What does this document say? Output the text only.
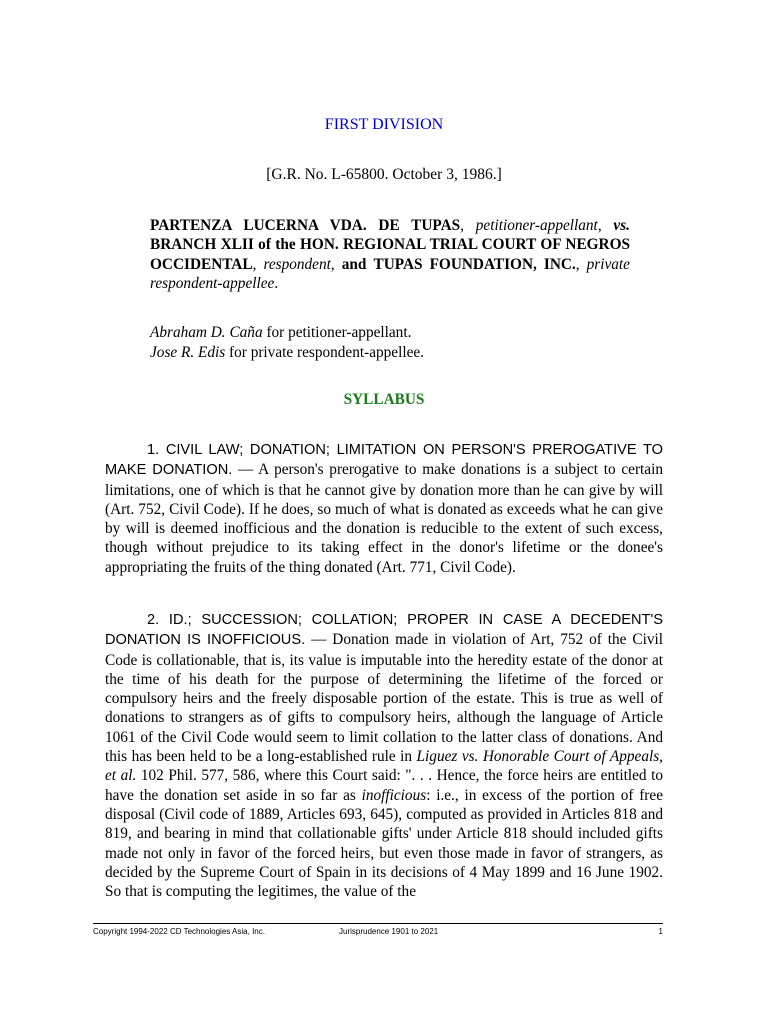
FIRST DIVISION
[G.R. No. L-65800. October 3, 1986.]
PARTENZA LUCERNA VDA. DE TUPAS, petitioner-appellant, vs. BRANCH XLII of the HON. REGIONAL TRIAL COURT OF NEGROS OCCIDENTAL, respondent, and TUPAS FOUNDATION, INC., private respondent-appellee.
Abraham D. Caña for petitioner-appellant.
Jose R. Edis for private respondent-appellee.
SYLLABUS
1. CIVIL LAW; DONATION; LIMITATION ON PERSON'S PREROGATIVE TO MAKE DONATION. — A person's prerogative to make donations is a subject to certain limitations, one of which is that he cannot give by donation more than he can give by will (Art. 752, Civil Code). If he does, so much of what is donated as exceeds what he can give by will is deemed inofficious and the donation is reducible to the extent of such excess, though without prejudice to its taking effect in the donor's lifetime or the donee's appropriating the fruits of the thing donated (Art. 771, Civil Code).
2. ID.; SUCCESSION; COLLATION; PROPER IN CASE A DECEDENT'S DONATION IS INOFFICIOUS. — Donation made in violation of Art, 752 of the Civil Code is collationable, that is, its value is imputable into the heredity estate of the donor at the time of his death for the purpose of determining the lifetime of the forced or compulsory heirs and the freely disposable portion of the estate. This is true as well of donations to strangers as of gifts to compulsory heirs, although the language of Article 1061 of the Civil Code would seem to limit collation to the latter class of donations. And this has been held to be a long-established rule in Liguez vs. Honorable Court of Appeals, et al. 102 Phil. 577, 586, where this Court said: ". . . Hence, the force heirs are entitled to have the donation set aside in so far as inofficious: i.e., in excess of the portion of free disposal (Civil code of 1889, Articles 693, 645), computed as provided in Articles 818 and 819, and bearing in mind that collationable gifts' under Article 818 should included gifts made not only in favor of the forced heirs, but even those made in favor of strangers, as decided by the Supreme Court of Spain in its decisions of 4 May 1899 and 16 June 1902. So that is computing the legitimes, the value of the
Copyright 1994-2022 CD Technologies Asia, Inc.	Jurisprudence 1901 to 2021	1
